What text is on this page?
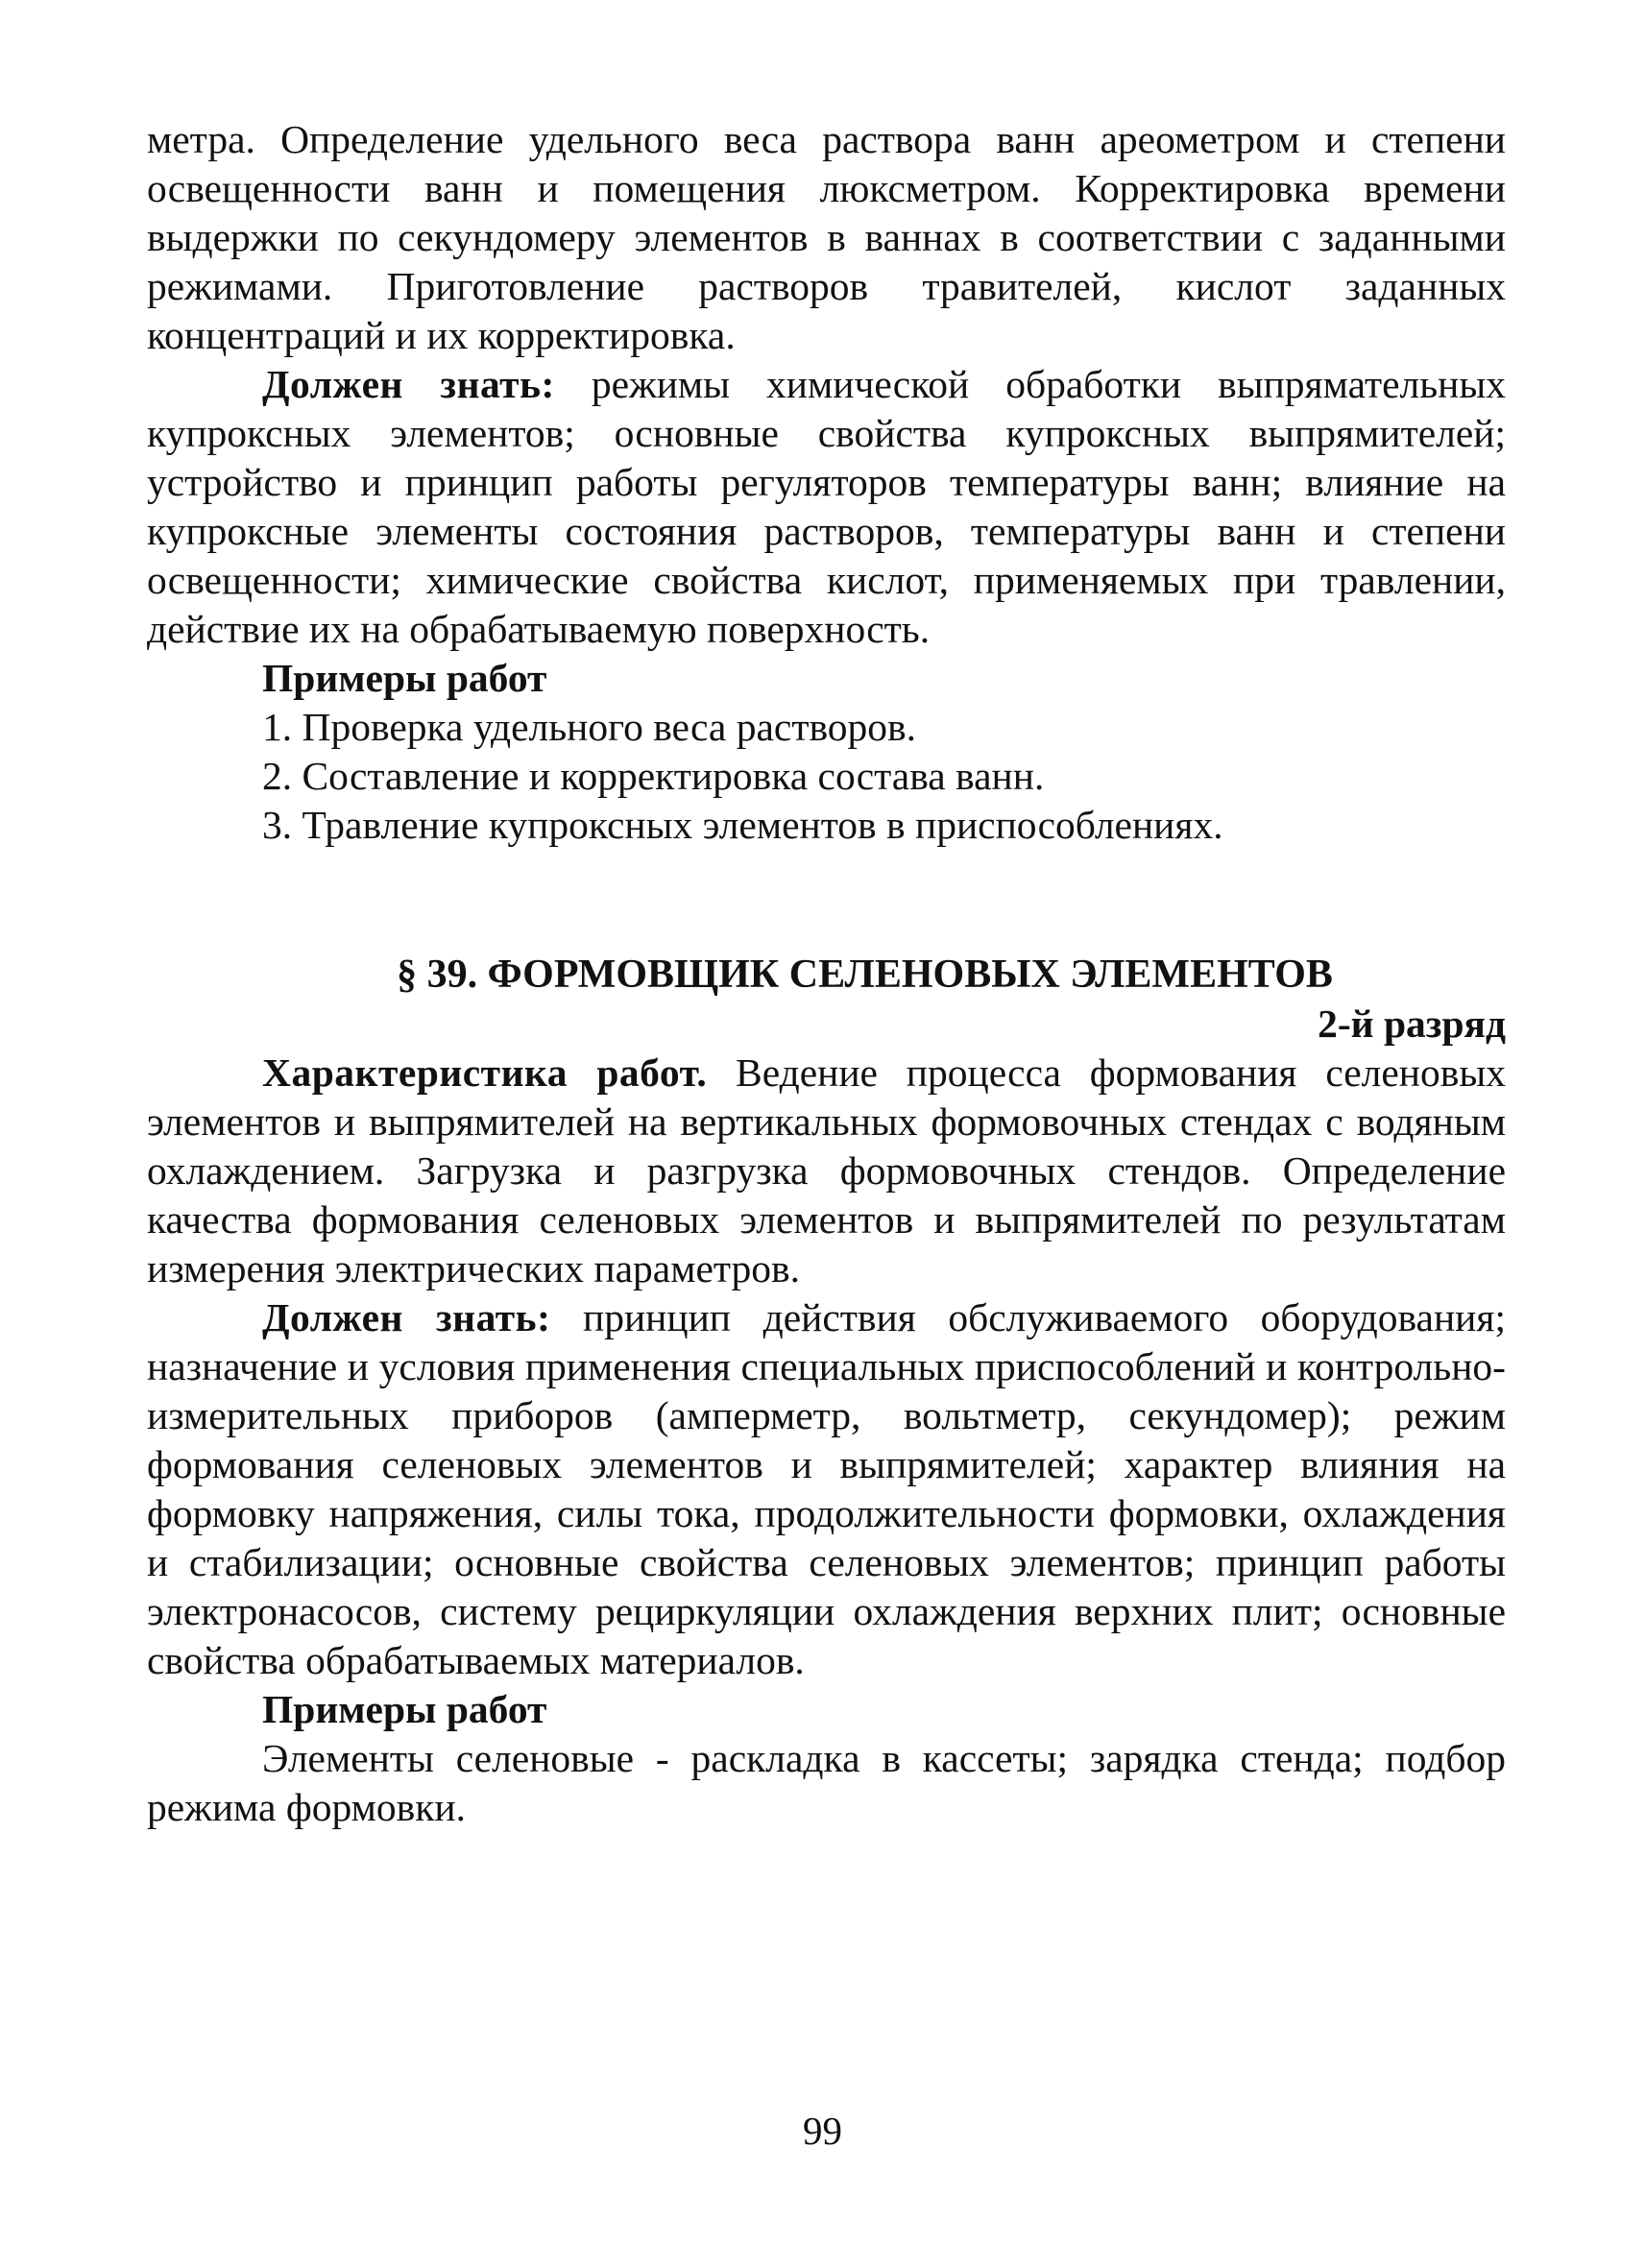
метра. Определение удельного веса раствора ванн ареометром и степени освещенности ванн и помещения люксметром. Корректировка времени выдержки по секундомеру элементов в ваннах в соответствии с заданными режимами. Приготовление растворов травителей, кислот заданных концентраций и их корректировка.

Должен знать: режимы химической обработки выпрямательных купроксных элементов; основные свойства купроксных выпрямителей; устройство и принцип работы регуляторов температуры ванн; влияние на купроксные элементы состояния растворов, температуры ванн и степени освещенности; химические свойства кислот, применяемых при травлении, действие их на обрабатываемую поверхность.

Примеры работ

1. Проверка удельного веса растворов.

2. Составление и корректировка состава ванн.

3. Травление купроксных элементов в приспособлениях.

§ 39. ФОРМОВЩИК СЕЛЕНОВЫХ ЭЛЕМЕНТОВ

2-й разряд

Характеристика работ. Ведение процесса формования селеновых элементов и выпрямителей на вертикальных формовочных стендах с водяным охлаждением. Загрузка и разгрузка формовочных стендов. Определение качества формования селеновых элементов и выпрямителей по результатам измерения электрических параметров.

Должен знать: принцип действия обслуживаемого оборудования; назначение и условия применения специальных приспособлений и контрольно-измерительных приборов (амперметр, вольтметр, секундомер); режим формования селеновых элементов и выпрямителей; характер влияния на формовку напряжения, силы тока, продолжительности формовки, охлаждения и стабилизации; основные свойства селеновых элементов; принцип работы электронасосов, систему рециркуляции охлаждения верхних плит; основные свойства обрабатываемых материалов.

Примеры работ

Элементы селеновые - раскладка в кассеты; зарядка стенда; подбор режима формовки.

99
